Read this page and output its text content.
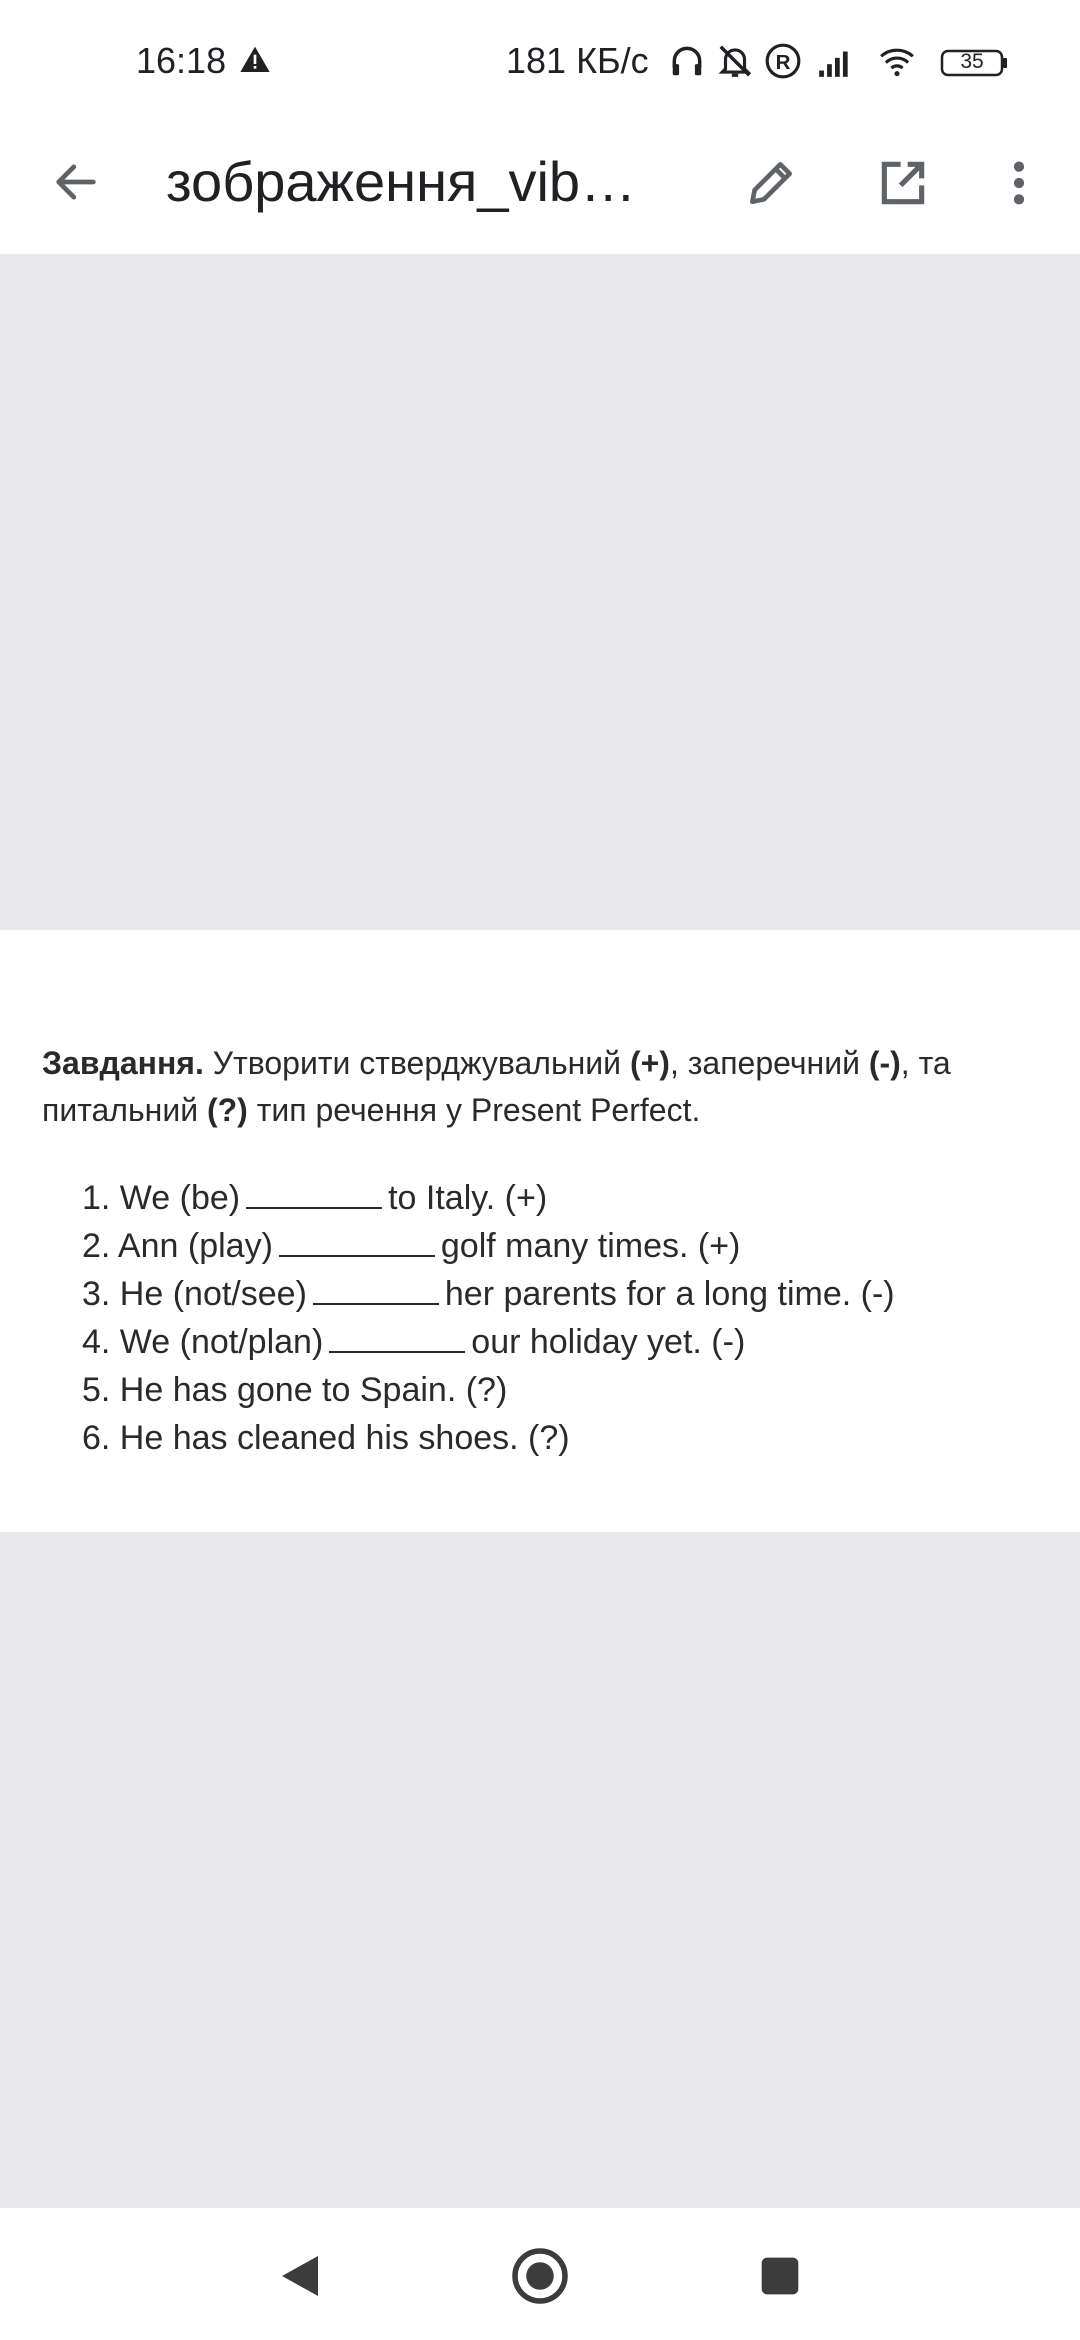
16:18	181 КБ/с	R	35
зображення_vib…

Завдання. Утворити стверджувальний (+), заперечний (-), та питальний (?) тип речення у Present Perfect.

1. We (be)	to Italy. (+)
2. Ann (play)	golf many times. (+)
3. He (not/see)	her parents for a long time. (-)
4. We (not/plan)	our holiday yet. (-)
5. He has gone to Spain. (?)
6. He has cleaned his shoes. (?)
